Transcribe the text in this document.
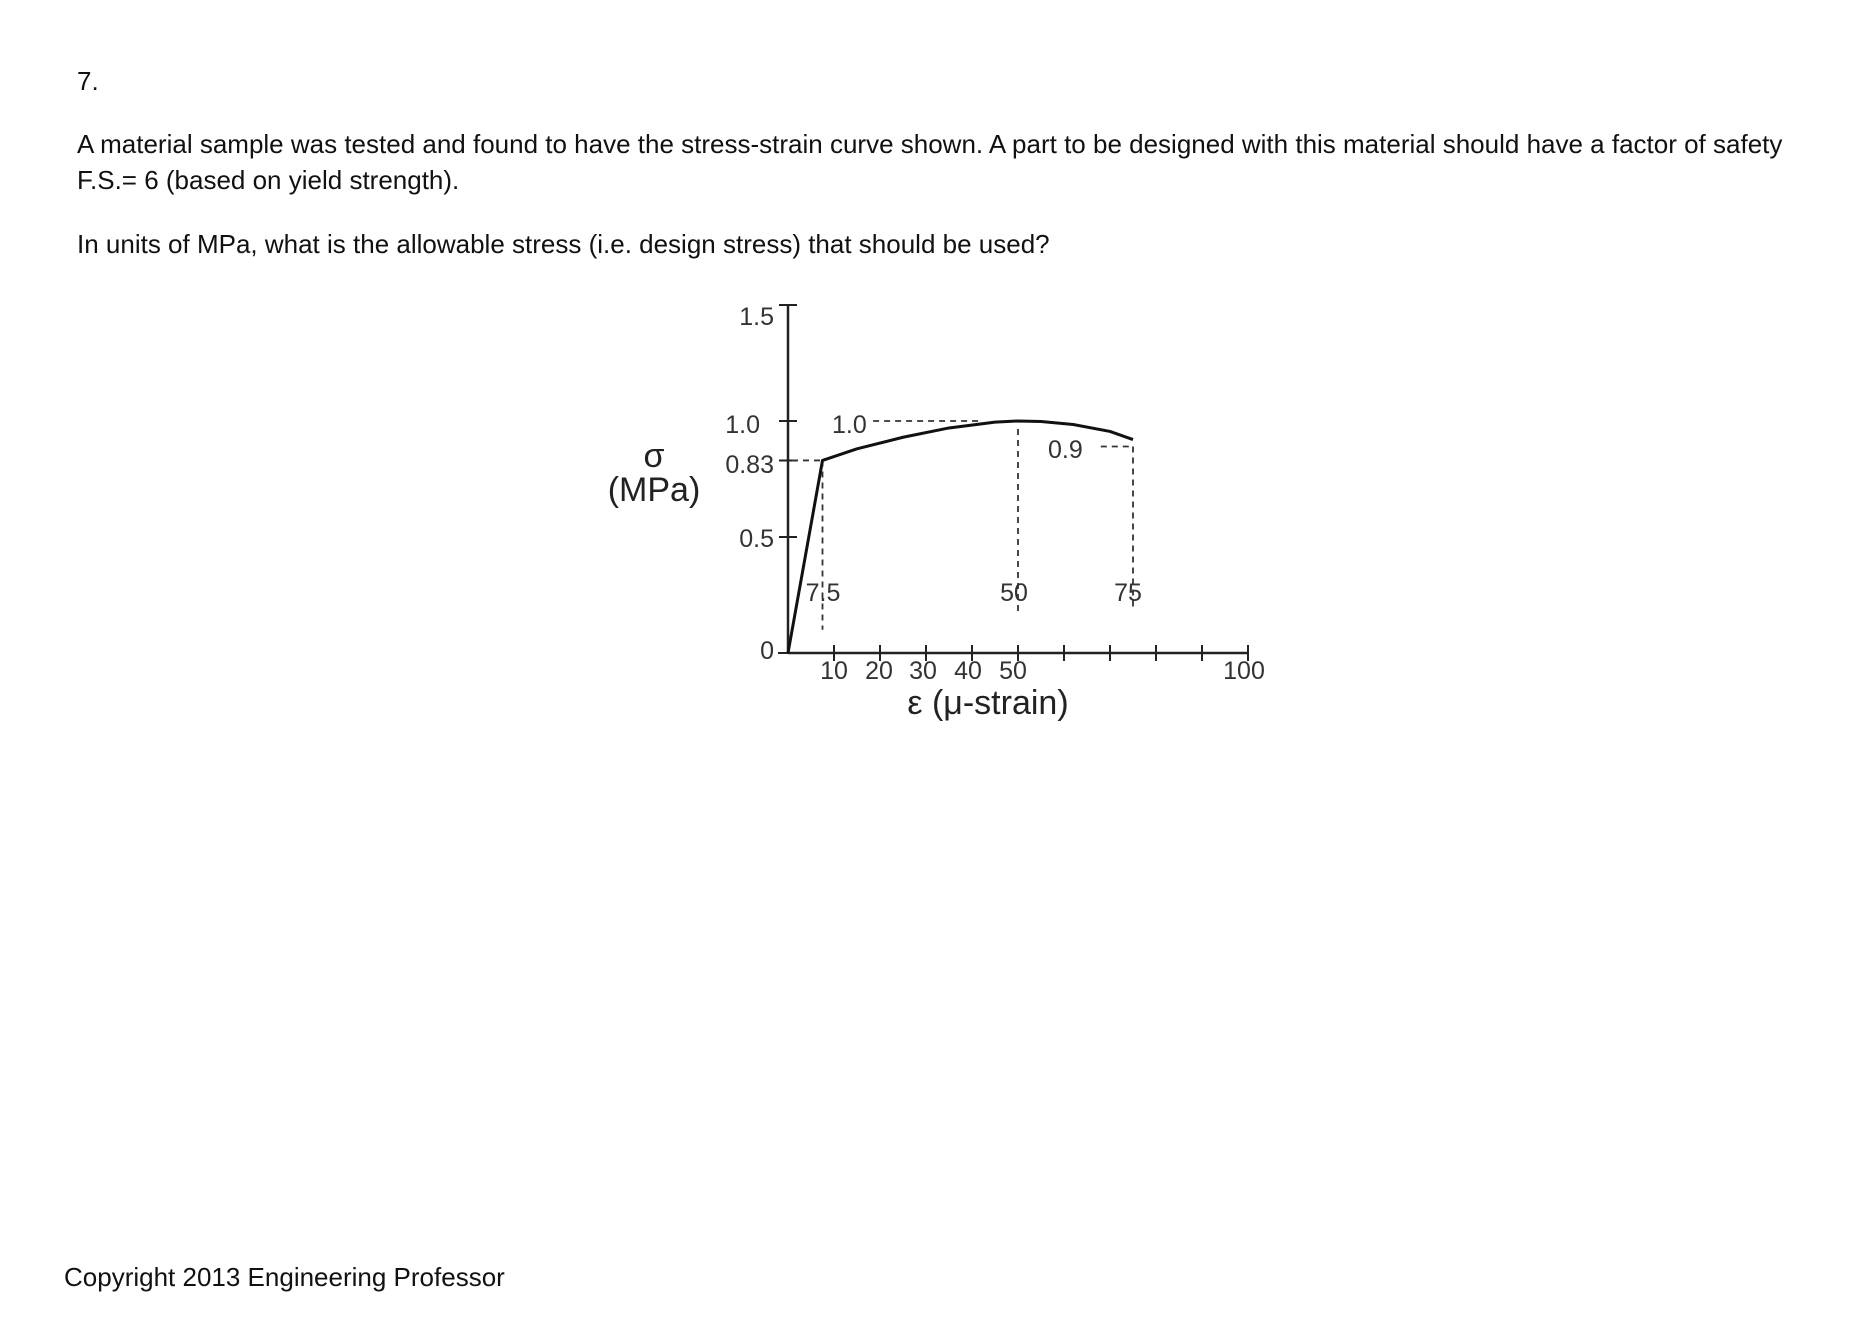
7.

A material sample was tested and found to have the stress-strain curve shown. A part to be designed with this material should have a factor of safety F.S.= 6 (based on yield strength).

In units of MPa, what is the allowable stress (i.e. design stress) that should be used?

σ
(MPa)
ε (μ-strain)
1.5
1.0
0.83
0.5
0
10 20 30 40 50	100
1.0
0.9
7.5	50	75
Copyright 2013 Engineering Professor
